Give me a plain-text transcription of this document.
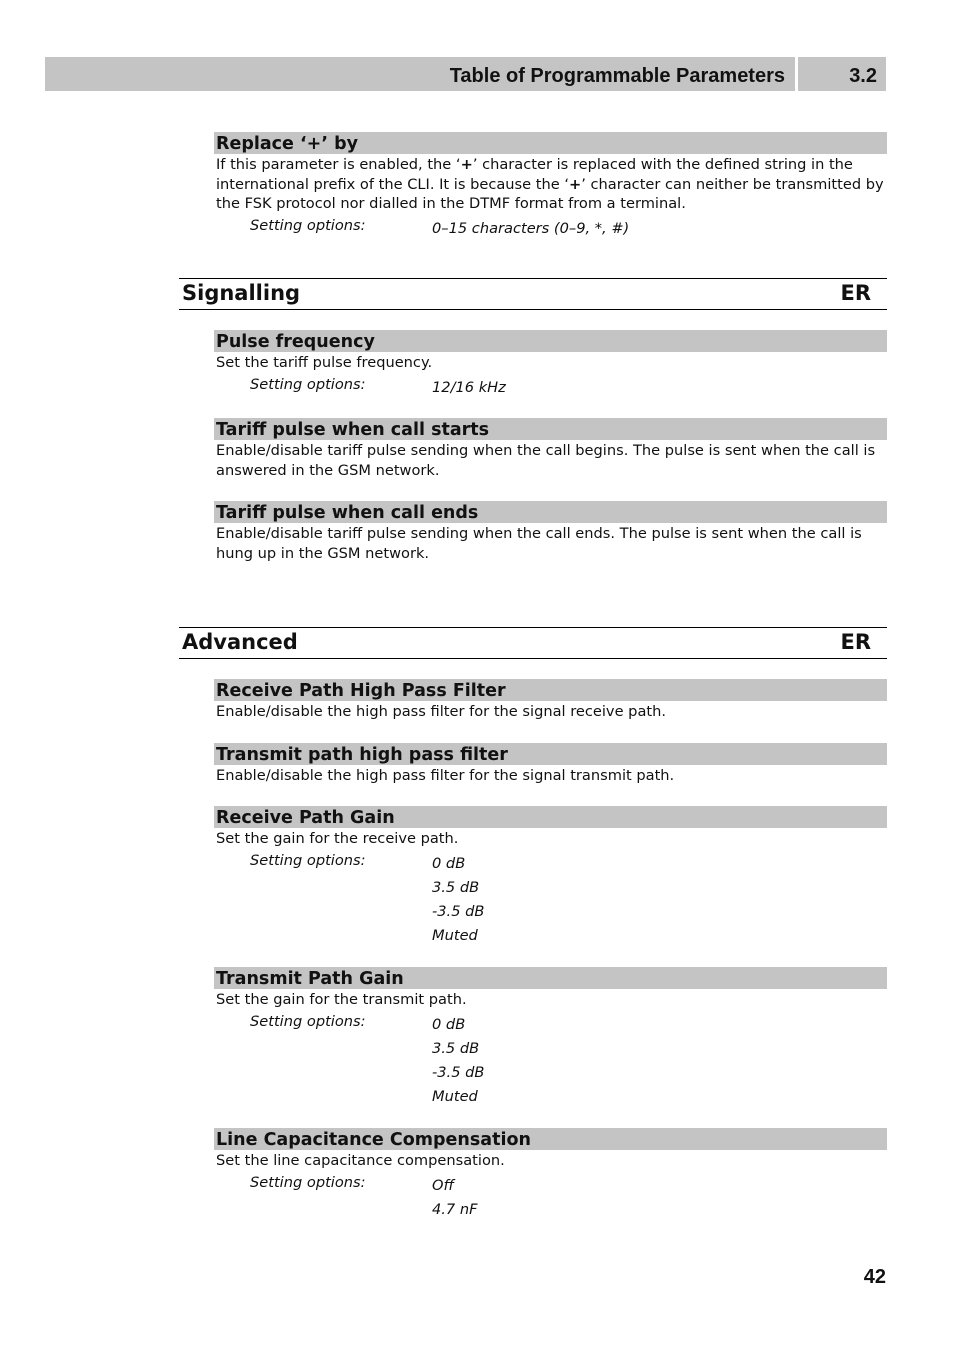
Table of Programmable Parameters	3.2
Replace ‘+’ by
If this parameter is enabled, the ‘+’ character is replaced with the defined string in the international prefix of the CLI. It is because the ‘+’ character can neither be transmitted by the FSK protocol nor dialled in the DTMF format from a terminal.
Setting options:	0–15 characters (0–9, *, #)
Signalling	ER
Pulse frequency
Set the tariff pulse frequency.
Setting options:	12/16 kHz
Tariff pulse when call starts
Enable/disable tariff pulse sending when the call begins. The pulse is sent when the call is answered in the GSM network.
Tariff pulse when call ends
Enable/disable tariff pulse sending when the call ends. The pulse is sent when the call is hung up in the GSM network.
Advanced	ER
Receive Path High Pass Filter
Enable/disable the high pass filter for the signal receive path.
Transmit path high pass filter
Enable/disable the high pass filter for the signal transmit path.
Receive Path Gain
Set the gain for the receive path.
Setting options:	0 dB
3.5 dB
-3.5 dB
Muted
Transmit Path Gain
Set the gain for the transmit path.
Setting options:	0 dB
3.5 dB
-3.5 dB
Muted
Line Capacitance Compensation
Set the line capacitance compensation.
Setting options:	Off
4.7 nF
42
